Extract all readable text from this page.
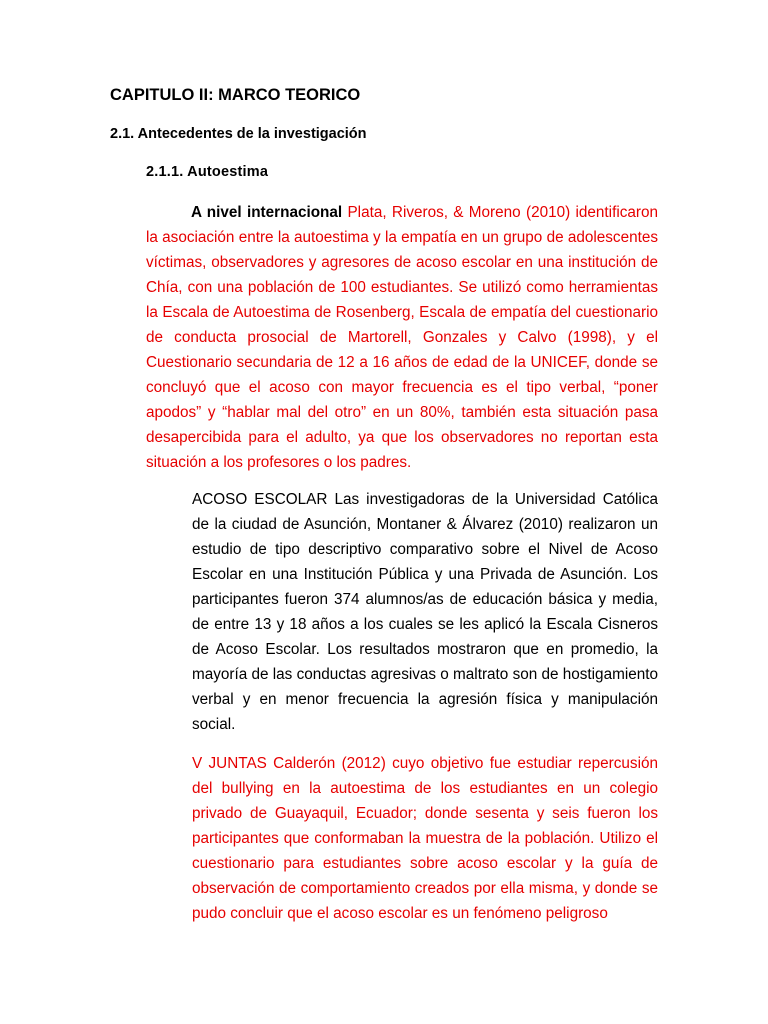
CAPITULO II: MARCO TEORICO
2.1. Antecedentes de la investigación
2.1.1. Autoestima

A nivel internacional Plata, Riveros, & Moreno (2010) identificaron la asociación entre la autoestima y la empatía en un grupo de adolescentes víctimas, observadores y agresores de acoso escolar en una institución de Chía, con una población de 100 estudiantes. Se utilizó como herramientas la Escala de Autoestima de Rosenberg, Escala de empatía del cuestionario de conducta prosocial de Martorell, Gonzales y Calvo (1998), y el Cuestionario secundaria de 12 a 16 años de edad de la UNICEF, donde se concluyó que el acoso con mayor frecuencia es el tipo verbal, “poner apodos” y “hablar mal del otro” en un 80%, también esta situación pasa desapercibida para el adulto, ya que los observadores no reportan esta situación a los profesores o los padres.

ACOSO ESCOLAR Las investigadoras de la Universidad Católica de la ciudad de Asunción, Montaner & Álvarez (2010) realizaron un estudio de tipo descriptivo comparativo sobre el Nivel de Acoso Escolar en una Institución Pública y una Privada de Asunción. Los participantes fueron 374 alumnos/as de educación básica y media, de entre 13 y 18 años a los cuales se les aplicó la Escala Cisneros de Acoso Escolar. Los resultados mostraron que en promedio, la mayoría de las conductas agresivas o maltrato son de hostigamiento verbal y en menor frecuencia la agresión física y manipulación social.

V JUNTAS Calderón (2012) cuyo objetivo fue estudiar repercusión del bullying en la autoestima de los estudiantes en un colegio privado de Guayaquil, Ecuador; donde sesenta y seis fueron los participantes que conformaban la muestra de la población. Utilizo el cuestionario para estudiantes sobre acoso escolar y la guía de observación de comportamiento creados por ella misma, y donde se pudo concluir que el acoso escolar es un fenómeno peligroso
